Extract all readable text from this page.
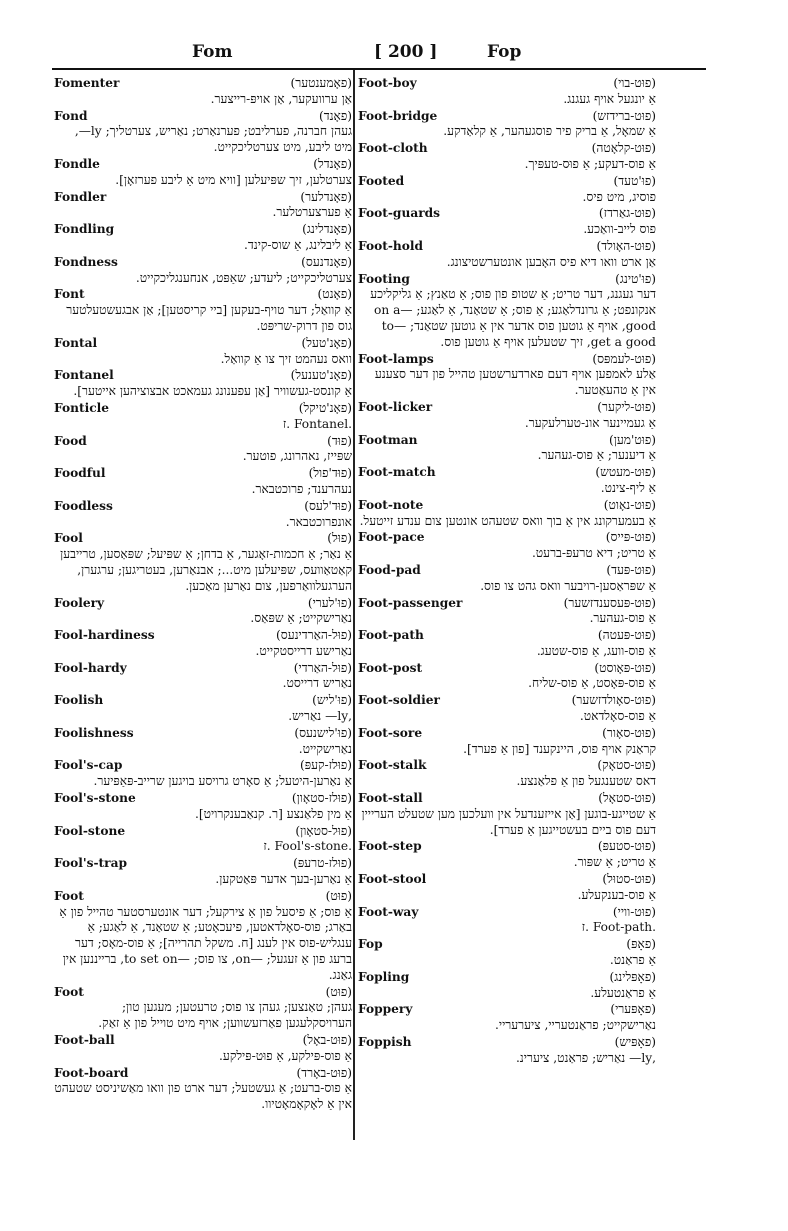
Fom	[ 200 ]	Fop
Fomenter	(פאָמענטער)
אַן ערוועקער, אַן אויפּ-רייצער.
Fond	(פאָנד)
געהן חברנה, פערליבט; פערנאַרט; נאַריש, צערטליך; ly—, מיט ליבע, מיט צערטליכקייט.
Fondle	(פאָנדל)
צערטלען, זיך שפּיעלען [וויא מיט אַ ליבע פערזאָן].
Fondler	(פאָנדלער)
אַ פערצערטלער.
Fondling	(פאָנדלינג)
אַ ליבלינג, אַ שוס-קינד.
Fondness	(פאָנדנעס)
צערטליכקייט; ליעדע; שאַפּט, אנחענגליכקייט.
Font	(פאָנט)
אַ קוואַל; דער טויף-בעקען [ביי קריסטען]; אַן אבגעשטעלטער גוס פון דרוק-שריפּט.
Fontal	(פאָנ'טעל)
וואס נעהמט זיך צו אַ קוואַל.
Fontanel	(פאָנ'טענעל)
אַ קונסט-געשוויר [אַן עפענונג געמאכט אבצוציהען אייטער].
Fonticle	(פאָנ'טיקל)
.Fontanel .ז
Food	(פוּד)
שפּייז, נאהרונג, פוטער.
Foodful	(פוּד'פול)
נעהרענד; פרוכטבאר.
Foodless	(פוּד'לעס)
אונפרוכטבאר.
Fool	(פוּל)
אַ נאַר; אַ חכמות-זאָגער, אַ בדחן; אַ שפּיעל; שפּאַסען, טרייבען קאַטאַוועס, שפּיעלען מיט...; אבנאַרען, בעטריגען; ערגערן, הערגעלוואַרפען, צום נאַרען מאַכען.
Foolery	(פוּ'לערי)
נאַרישקייט; אַ שפּאַס.
Fool-hardiness	(פוּל-האַרדינעס)
נאַרישע דרייסטקייט.
Fool-hardy	(פוּל-האַרדי)
נאַריש דרייסט.
Foolish	(פוּ'ליש)
,ly— נאַריש.
Foolishness	(פוּ'לישנעס)
נאַרישקייט.
Fool's-cap	(פוּלז-קעפּ)
אַ נאַרען-היטעל; אַ סאָרט גרויסע בויגען שרייב-פּאַפּיער.
Fool's-stone	(פוּלז-סטאָון)
אַ מין פלאַנצע [ר. קנאַבענקרויט].
Fool-stone	(פוּל-סטאָון)
.Fool's-stone .ז
Fool's-trap	(פוּלז-טרעפּ)
אַ נאַרען-בעך אדער פּאַטקען.
Foot	(פוּט)
אַ פוס; אַ פיסעל פון אַ צירקעל; דער אונטערסטער טהייל פון אַ באַרג; פוס-סאָלדאטען, פיעכאָטע; אַ שטאַנד, אַ לאַגע; אַ ענגליש-פוס אין לענג [ח. משקל תהרייה]; אַ פוס-מאָס; דער ברעג פון אַ זעגעל; —on, צו פוס; —to set on, ברייננען אין גאַנג.
Foot	(פוּט)
געהן; טאַנצען; געהן צו פוס; טרעטען; מעגען טון; הערויסקלעגען פאַרזעשווען; אויף מיט טוייל פון אַ זאַק.
Foot-ball	(פוּט-באָל)
אַ פוס-פּילקע, אַ פוּט-פּילקע.
Foot-board	(פוּט-באָרד)
אַ פוס-ברעט; אַ געשטעל; דער ארט פון וואו מאַשיניסט שטעהט אין אַ לאָקאָמאָטיוו.
Foot-boy	(פוּט-בוי)
אַ יונגעל אויף געגנג.
Foot-bridge	(פוּט-ברידזש)
אַ שמאָל, אַ בריק פיר פוסגעהער, אַ קלאַדקע.
Foot-cloth	(פוּט-קלאָטה)
אַ פוס-דעקע; אַ פוּס-טעפּיך.
Footed	(פוּ'טעד)
פוסיג, מיט פיס.
Foot-guards	(פוּט-גאַרדז)
פוס לייב-וואַכע.
Foot-hold	(פוּט-האָולד)
אַן ארט וואו דיא פיס האָבען אונטערשטיצונג.
Footing	(פוּ'טינג)
דער געגנג, דער טריט; אַ שטופ פון פוס; אַ טאַנץ; אַ גליקליכע אנקונפט; אַ גרונדלאַגע; אַ פוס; אַ שטאַנד, אַ לאַגע; —on a good, אויף אַ גוטען פוס אדער אין אַ גוטען שטאַנד; —to get a good, זיך שטעלען אויף אַ גוטען פוס.
Foot-lamps	(פוּט-לעמפּס)
אַלע לאמפען אויף דעם פארדערשטען טהייל פון דער סצענע אין אַ טהעאַטער.
Foot-licker	(פוּט-ליקער)
אַ געמיינער אונ-טערלעקער.
Footman	(פוּט'מען)
אַ דיענער; אַ פוס-געהער.
Foot-match	(פוּט-מעטש)
אַ ליף-צינט.
Foot-note	(פוּט-נאָוט)
אַ בעמערקונג אין אַ בוך וואס שטעהט אונטען צום ענדע זייטעל.
Foot-pace	(פוּט-פּייס)
אַ טריט; דיא טרעפּ-ברעט.
Food-pad	(פוּט-פּעד)
אַ שפּראַסען-רויבער וואס גהט צו פוס.
Foot-passenger	(פוּט-פּעסענדזשער)
אַ פוס-געהער.
Foot-path	(פוּט-פּעטה)
אַ פוס-וועג, אַ פוס-שטעג.
Foot-post	(פוּט-פּאָוסט)
אַ פוס-פּאָסט, אַ פוס-שליח.
Foot-soldier	(פוּט-סאָולדזשער)
אַ פוס-סאָלדאט.
Foot-sore	(פוּט-סאָור)
קראַנק אויף פוס, היינקענד [פון אַ פערד].
Foot-stalk	(פוּט-סטאָק)
דאס שטענגעל פון אַ פלאַנצע.
Foot-stall	(פוּט-סטאָל)
אַ שטייגע-בוגען [אַן אייזענדעל אין וועלכען מען שטעלט הערייין דעם פוס ביים בעשטייגען אַ פערד].
Foot-step	(פוּט-סטעפּ)
אַ טריט; אַ שפּור.
Foot-stool	(פוּט-סטוּל)
אַ פוס-בענקעלע.
Foot-way	(פוּט-וויי)
.Foot-path .ז
Fop	(פאָפּ)
אַ פראַנט.
Fopling	(פאָפּלינג)
אַ פראַנטעלע.
Foppery	(פאָפּערי)
נאַרישקייט; פראַנטעריי, ציערעריי.
Foppish	(פאָפּיש)
,ly— נאַריש; פראַנט, ציערינ.
